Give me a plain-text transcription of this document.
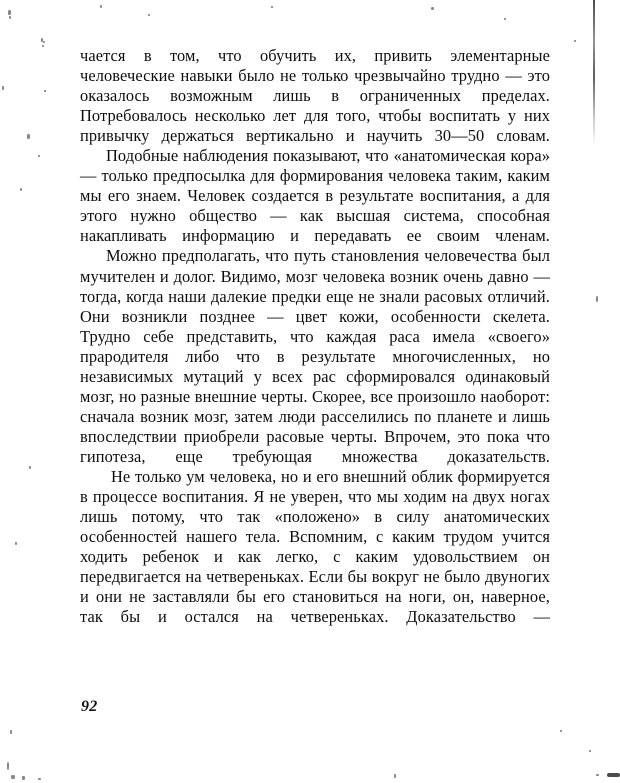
чается в том, что обучить их, привить элементарные человеческие навыки было не только чрезвычайно трудно — это оказалось возможным лишь в ограниченных пределах. Потребовалось несколько лет для того, чтобы воспитать у них привычку держаться вертикально и научить 30—50 словам.

Подобные наблюдения показывают, что «анатомическая кора» — только предпосылка для формирования человека таким, каким мы его знаем. Человек создается в результате воспитания, а для этого нужно общество — как высшая система, способная накапливать информацию и передавать ее своим членам.

Можно предполагать, что путь становления человечества был мучителен и долог. Видимо, мозг человека возник очень давно — тогда, когда наши далекие предки еще не знали расовых отличий. Они возникли позднее — цвет кожи, особенности скелета. Трудно себе представить, что каждая раса имела «своего» прародителя либо что в результате многочисленных, но независимых мутаций у всех рас сформировался одинаковый мозг, но разные внешние черты. Скорее, все произошло наоборот: сначала возник мозг, затем люди расселились по планете и лишь впоследствии приобрели расовые черты. Впрочем, это пока что гипотеза, еще требующая множества доказательств.

Не только ум человека, но и его внешний облик формируется в процессе воспитания. Я не уверен, что мы ходим на двух ногах лишь потому, что так «положено» в силу анатомических особенностей нашего тела. Вспомним, с каким трудом учится ходить ребенок и как легко, с каким удовольствием он передвигается на четвереньках. Если бы вокруг не было двуногих и они не заставляли бы его становиться на ноги, он, наверное, так бы и остался на четвереньках. Доказательство —

92
